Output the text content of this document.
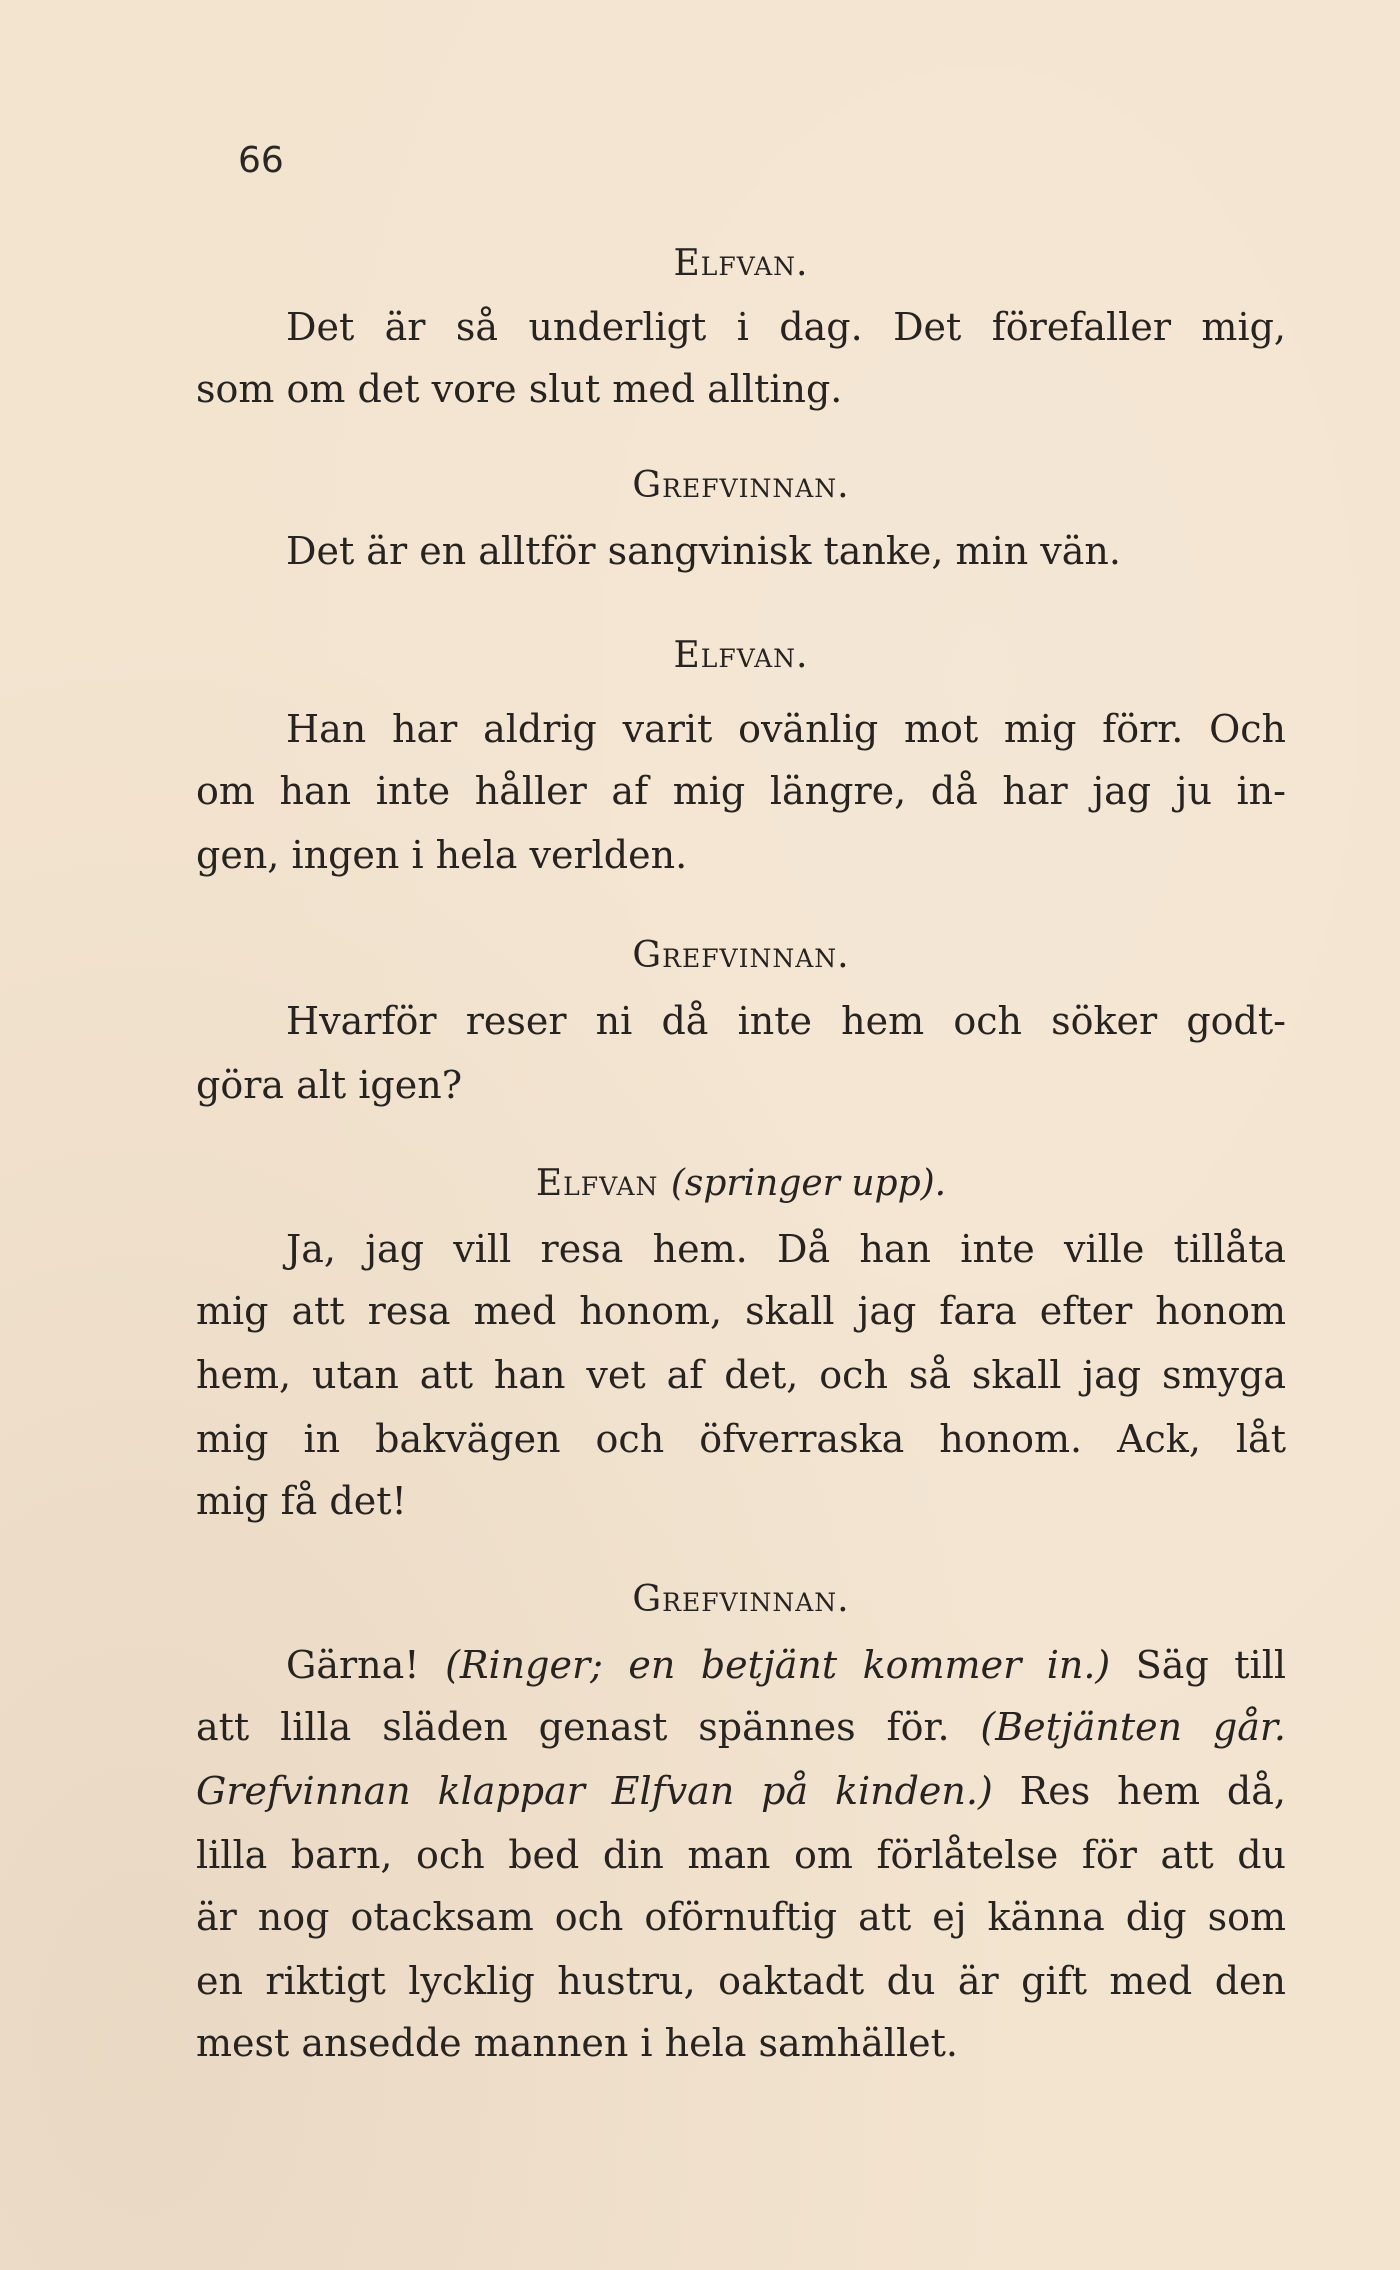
66
Elfvan.
Det är så underligt i dag. Det förefaller mig,
som om det vore slut med allting.
Grefvinnan.
Det är en alltför sangvinisk tanke, min vän.
Elfvan.
Han har aldrig varit ovänlig mot mig förr. Och
om han inte håller af mig längre, då har jag ju in-
gen, ingen i hela verlden.
Grefvinnan.
Hvarför reser ni då inte hem och söker godt-
göra alt igen?
Elfvan (springer upp).
Ja, jag vill resa hem. Då han inte ville tillåta
mig att resa med honom, skall jag fara efter honom
hem, utan att han vet af det, och så skall jag smyga
mig in bakvägen och öfverraska honom. Ack, låt
mig få det!
Grefvinnan.
Gärna! (Ringer; en betjänt kommer in.) Säg till
att lilla släden genast spännes för. (Betjänten går.
Grefvinnan klappar Elfvan på kinden.) Res hem då,
lilla barn, och bed din man om förlåtelse för att du
är nog otacksam och oförnuftig att ej känna dig som
en riktigt lycklig hustru, oaktadt du är gift med den
mest ansedde mannen i hela samhället.
